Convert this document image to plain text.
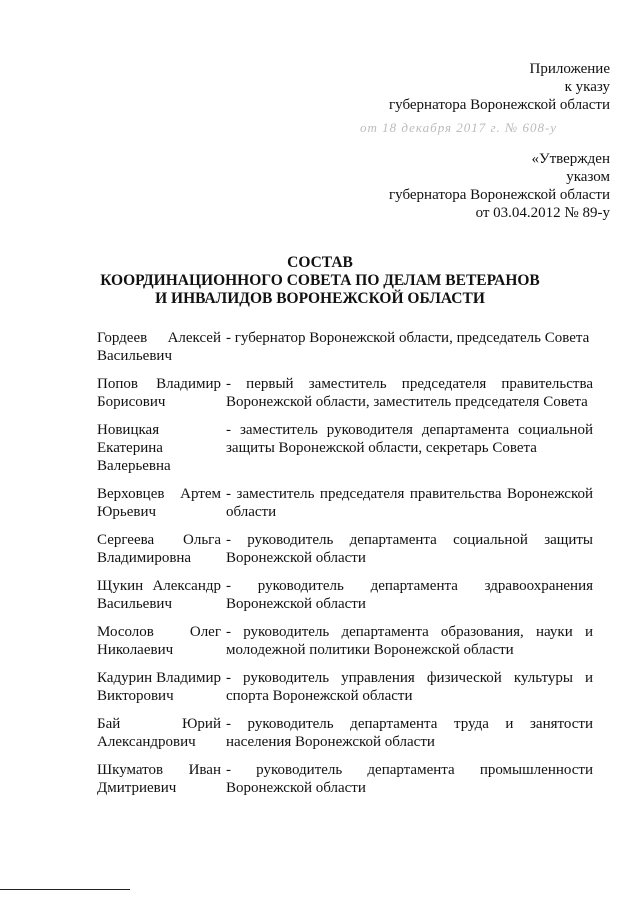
Приложение
к указу
губернатора Воронежской области
от 18 декабря 2017 г. № 608-у
«Утвержден
указом
губернатора Воронежской области
от 03.04.2012 № 89-у
СОСТАВ
КООРДИНАЦИОННОГО СОВЕТА ПО ДЕЛАМ ВЕТЕРАНОВ
И ИНВАЛИДОВ ВОРОНЕЖСКОЙ ОБЛАСТИ
Гордеев Алексей Васильевич
- губернатор Воронежской области, председатель Совета
Попов Владимир Борисович
- первый заместитель председателя правительства Воронежской области, заместитель председателя Совета
Новицкая Екатерина Валерьевна
- заместитель руководителя департамента социальной защиты Воронежской области, секретарь Совета
Верховцев Артем Юрьевич
- заместитель председателя правительства Воронежской области
Сергеева Ольга Владимировна
- руководитель департамента социальной защиты Воронежской области
Щукин Александр Васильевич
- руководитель департамента здравоохранения Воронежской области
Мосолов Олег Николаевич
- руководитель департамента образования, науки и молодежной политики Воронежской области
Кадурин Владимир Викторович
- руководитель управления физической культуры и спорта Воронежской области
Бай Юрий Александрович
- руководитель департамента труда и занятости населения Воронежской области
Шкуматов Иван Дмитриевич
- руководитель департамента промышленности Воронежской области
